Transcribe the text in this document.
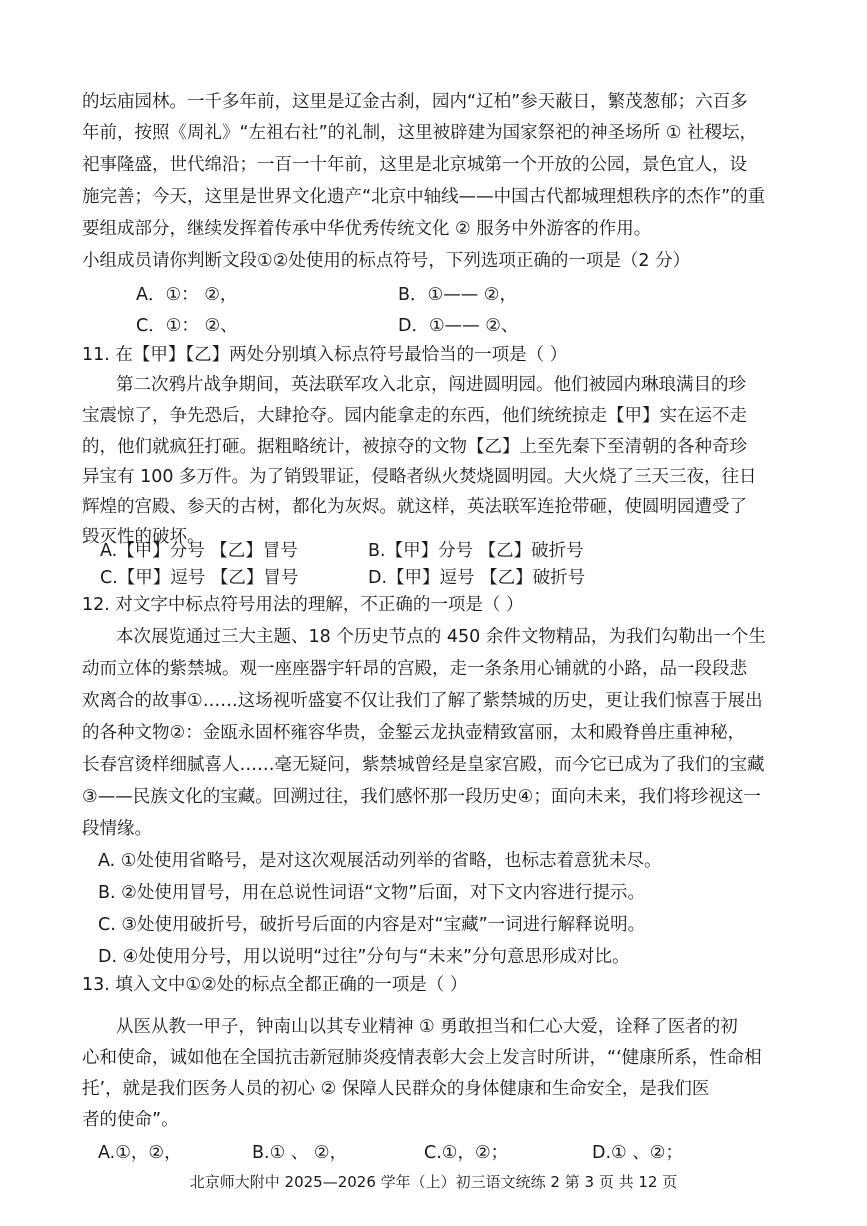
的坛庙园林。一千多年前，这里是辽金古刹，园内“辽柏”参天蔽日，繁茂葱郁；六百多
年前，按照《周礼》“左祖右社”的礼制，这里被辟建为国家祭祀的神圣场所 ① 社稷坛，
祀事隆盛，世代绵沿；一百一十年前，这里是北京城第一个开放的公园，景色宜人，设
施完善；今天，这里是世界文化遗产“北京中轴线——中国古代都城理想秩序的杰作”的重
要组成部分，继续发挥着传承中华优秀传统文化 ② 服务中外游客的作用。
小组成员请你判断文段①②处使用的标点符号，下列选项正确的一项是（2 分）
A．①： ②，	B．①—— ②，
C．①： ②、	D．①—— ②、
11. 在【甲】【乙】两处分别填入标点符号最恰当的一项是（ ）
第二次鸦片战争期间，英法联军攻入北京，闯进圆明园。他们被园内琳琅满目的珍
宝震惊了，争先恐后，大肆抢夺。园内能拿走的东西，他们统统掠走【甲】实在运不走
的，他们就疯狂打砸。据粗略统计，被掠夺的文物【乙】上至先秦下至清朝的各种奇珍
异宝有 100 多万件。为了销毁罪证，侵略者纵火焚烧圆明园。大火烧了三天三夜，往日
辉煌的宫殿、参天的古树，都化为灰烬。就这样，英法联军连抢带砸，使圆明园遭受了
毁灭性的破坏。
A.【甲】分号 【乙】冒号	B.【甲】分号 【乙】破折号
C.【甲】逗号 【乙】冒号	D.【甲】逗号 【乙】破折号
12. 对文字中标点符号用法的理解，不正确的一项是（ ）
本次展览通过三大主题、18 个历史节点的 450 余件文物精品，为我们勾勒出一个生
动而立体的紫禁城。观一座座器宇轩昂的宫殿，走一条条用心铺就的小路，品一段段悲
欢离合的故事①……这场视听盛宴不仅让我们了解了紫禁城的历史，更让我们惊喜于展出
的各种文物②：金瓯永固杯雍容华贵，金錾云龙执壶精致富丽，太和殿脊兽庄重神秘，
长春宫烫样细腻喜人……毫无疑问，紫禁城曾经是皇家宫殿，而今它已成为了我们的宝藏
③——民族文化的宝藏。回溯过往，我们感怀那一段历史④；面向未来，我们将珍视这一
段情缘。
A. ①处使用省略号，是对这次观展活动列举的省略，也标志着意犹未尽。
B. ②处使用冒号，用在总说性词语“文物”后面，对下文内容进行提示。
C. ③处使用破折号，破折号后面的内容是对“宝藏”一词进行解释说明。
D. ④处使用分号，用以说明“过往”分句与“未来”分句意思形成对比。
13. 填入文中①②处的标点全都正确的一项是（ ）
从医从教一甲子，钟南山以其专业精神 ① 勇敢担当和仁心大爱，诠释了医者的初
心和使命，诚如他在全国抗击新冠肺炎疫情表彰大会上发言时所讲，“‘健康所系，性命相
托’，就是我们医务人员的初心 ② 保障人民群众的身体健康和生命安全，是我们医
者的使命”。
A.①，②，	B.① 、 ②，	C.①，②；	D.① 、②；
北京师大附中 2025—2026 学年（上）初三语文统练 2 第 3 页 共 12 页
